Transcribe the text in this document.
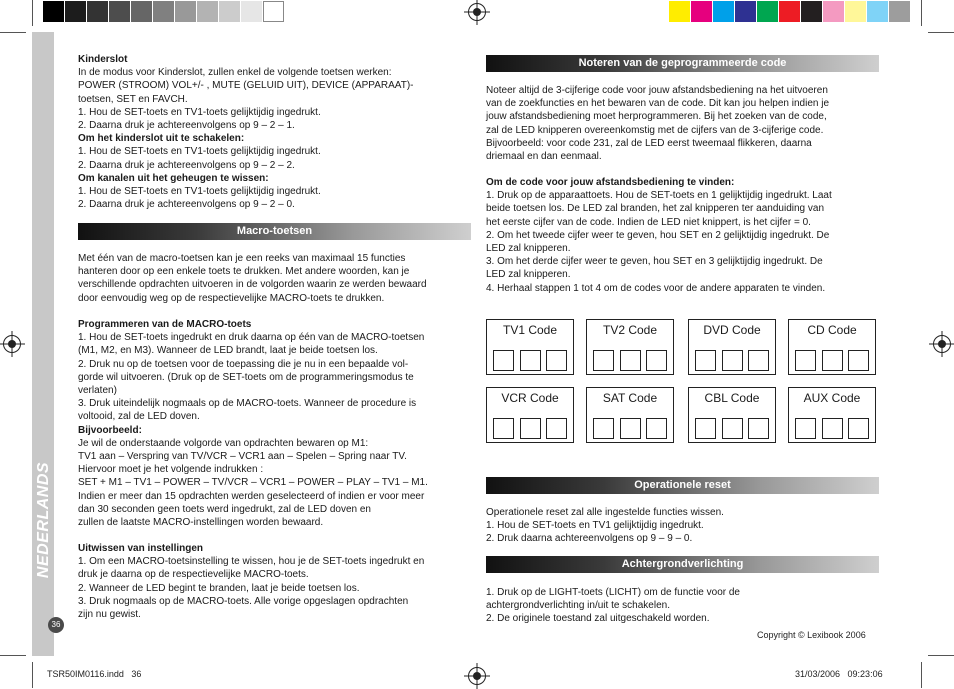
NEDERLANDS
36

Kinderslot

In de modus voor Kinderslot, zullen enkel de volgende toetsen werken:

POWER (STROOM) VOL+/- , MUTE (GELUID UIT), DEVICE (APPARAAT)-

toetsen, SET en FAVCH.

1. Hou de SET-toets en TV1-toets gelijktijdig ingedrukt.

2. Daarna druk je achtereenvolgens op 9 – 2 – 1.

Om het kinderslot uit te schakelen:

1. Hou de SET-toets en TV1-toets gelijktijdig ingedrukt.

2. Daarna druk je achtereenvolgens op 9 – 2 – 2.

Om kanalen uit het geheugen te wissen:

1. Hou de SET-toets en TV1-toets gelijktijdig ingedrukt.

2. Daarna druk je achtereenvolgens op 9 – 2 – 0.

Macro-toetsen

Met één van de macro-toetsen kan je een reeks van maximaal 15 functies

hanteren door op een enkele toets te drukken. Met andere woorden, kan je

verschillende opdrachten uitvoeren in de volgorden waarin ze werden bewaard

door eenvoudig weg op de respectievelijke MACRO-toets te drukken.

Programmeren van de MACRO-toets

1. Hou de SET-toets ingedrukt en druk daarna op één van de MACRO-toetsen

(M1, M2, en M3). Wanneer de LED brandt, laat je beide toetsen los.

2. Druk nu op de toetsen voor de toepassing die je nu in een bepaalde vol-

gorde wil uitvoeren. (Druk op de SET-toets om de programmeringsmodus te

verlaten)

3. Druk uiteindelijk nogmaals op de MACRO-toets. Wanneer de procedure is

voltooid, zal de LED doven.

Bijvoorbeeld:

Je wil de onderstaande volgorde van opdrachten bewaren op M1:

TV1 aan – Verspring van TV/VCR – VCR1 aan – Spelen – Spring naar TV.

Hiervoor moet je het volgende indrukken :

SET + M1 – TV1 – POWER – TV/VCR – VCR1 – POWER – PLAY – TV1 – M1.

Indien er meer dan 15 opdrachten werden geselecteerd of indien er voor meer

dan 30 seconden geen toets werd ingedrukt, zal de LED doven en

zullen de laatste MACRO-instellingen worden bewaard.

Uitwissen van instellingen

1. Om een MACRO-toetsinstelling te wissen, hou je de SET-toets ingedrukt en

druk je daarna op de respectievelijke MACRO-toets.

2. Wanneer de LED begint te branden, laat je beide toetsen los.

3. Druk nogmaals op de MACRO-toets. Alle vorige opgeslagen opdrachten

zijn nu gewist.

Noteren van de geprogrammeerde code

Noteer altijd de 3-cijferige code voor jouw afstandsbediening na het uitvoeren

van de zoekfuncties en het bewaren van de code. Dit kan jou helpen indien je

jouw afstandsbediening moet herprogrammeren. Bij het zoeken van de code,

zal de LED knipperen overeenkomstig met de cijfers van de 3-cijferige code.

Bijvoorbeeld: voor code 231, zal de LED eerst tweemaal flikkeren, daarna

driemaal en dan eenmaal.

Om de code voor jouw afstandsbediening te vinden:

1. Druk op de apparaattoets. Hou de SET-toets en 1 gelijktijdig ingedrukt. Laat

beide toetsen los. De LED zal branden, het zal knipperen ter aanduiding van

het eerste cijfer van de code. Indien de LED niet knippert, is het cijfer = 0.

2. Om het tweede cijfer weer te geven, hou SET en 2 gelijktijdig ingedrukt. De

LED zal knipperen.

3. Om het derde cijfer weer te geven, hou SET en 3 gelijktijdig ingedrukt. De

LED zal knipperen.

4. Herhaal stappen 1 tot 4 om de codes voor de andere apparaten te vinden.

TV1 Code	TV2 Code	DVD Code	CD Code
VCR Code	SAT Code	CBL Code	AUX Code
Operationele reset

Operationele reset zal alle ingestelde functies wissen.

1. Hou de SET-toets en TV1 gelijktijdig ingedrukt.

2. Druk daarna achtereenvolgens op 9 – 9 – 0.

Achtergrondverlichting

1. Druk op de LIGHT-toets (LICHT) om de functie voor de

achtergrondverlichting in/uit te schakelen.

2. De originele toestand zal uitgeschakeld worden.

Copyright © Lexibook 2006
TSR50IM0116.indd   36	31/03/2006   09:23:06
